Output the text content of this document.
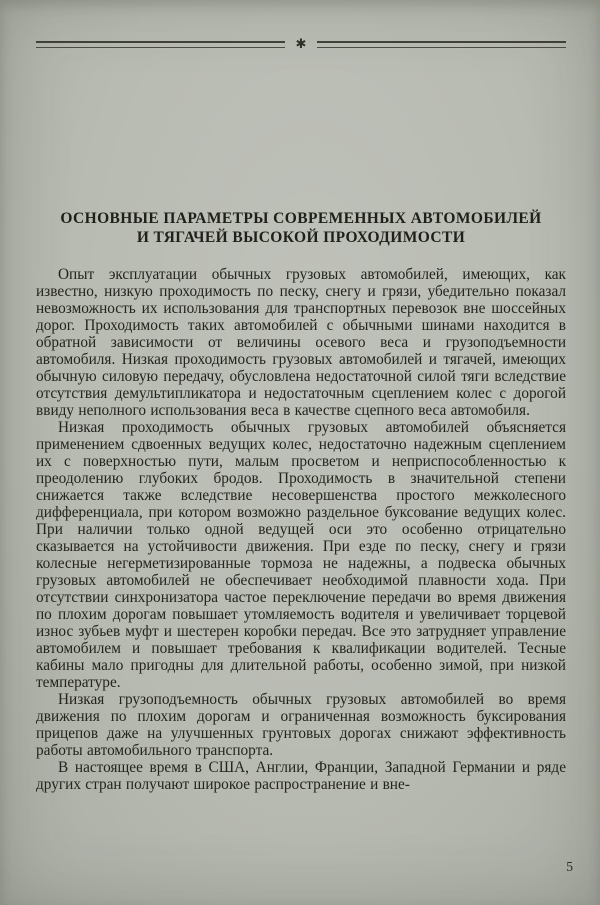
✱
ОСНОВНЫЕ ПАРАМЕТРЫ СОВРЕМЕННЫХ АВТОМОБИЛЕЙ
И ТЯГАЧЕЙ ВЫСОКОЙ ПРОХОДИМОСТИ

Опыт эксплуатации обычных грузовых автомобилей, имеющих, как известно, низкую проходимость по песку, снегу и грязи, убедительно показал невозможность их использования для транспортных перевозок вне шоссейных дорог. Проходимость таких автомобилей с обычными шинами находится в обратной зависимости от величины осевого веса и грузоподъемности автомобиля. Низкая проходимость грузовых автомобилей и тягачей, имеющих обычную силовую передачу, обусловлена недостаточной силой тяги вследствие отсутствия демультипликатора и недостаточным сцеплением колес с дорогой ввиду неполного использования веса в качестве сцепного веса автомобиля.

Низкая проходимость обычных грузовых автомобилей объясняется применением сдвоенных ведущих колес, недостаточно надежным сцеплением их с поверхностью пути, малым просветом и неприспособленностью к преодолению глубоких бродов. Проходимость в значительной степени снижается также вследствие несовершенства простого межколесного дифференциала, при котором возможно раздельное буксование ведущих колес. При наличии только одной ведущей оси это особенно отрицательно сказывается на устойчивости движения. При езде по песку, снегу и грязи колесные негерметизированные тормоза не надежны, а подвеска обычных грузовых автомобилей не обеспечивает необходимой плавности хода. При отсутствии синхронизатора частое переключение передачи во время движения по плохим дорогам повышает утомляемость водителя и увеличивает торцевой износ зубьев муфт и шестерен коробки передач. Все это затрудняет управление автомобилем и повышает требования к квалификации водителей. Тесные кабины мало пригодны для длительной работы, особенно зимой, при низкой температуре.

Низкая грузоподъемность обычных грузовых автомобилей во время движения по плохим дорогам и ограниченная возможность буксирования прицепов даже на улучшенных грунтовых дорогах снижают эффективность работы автомобильного транспорта.

В настоящее время в США, Англии, Франции, Западной Германии и ряде других стран получают широкое распространение и вне-

5
